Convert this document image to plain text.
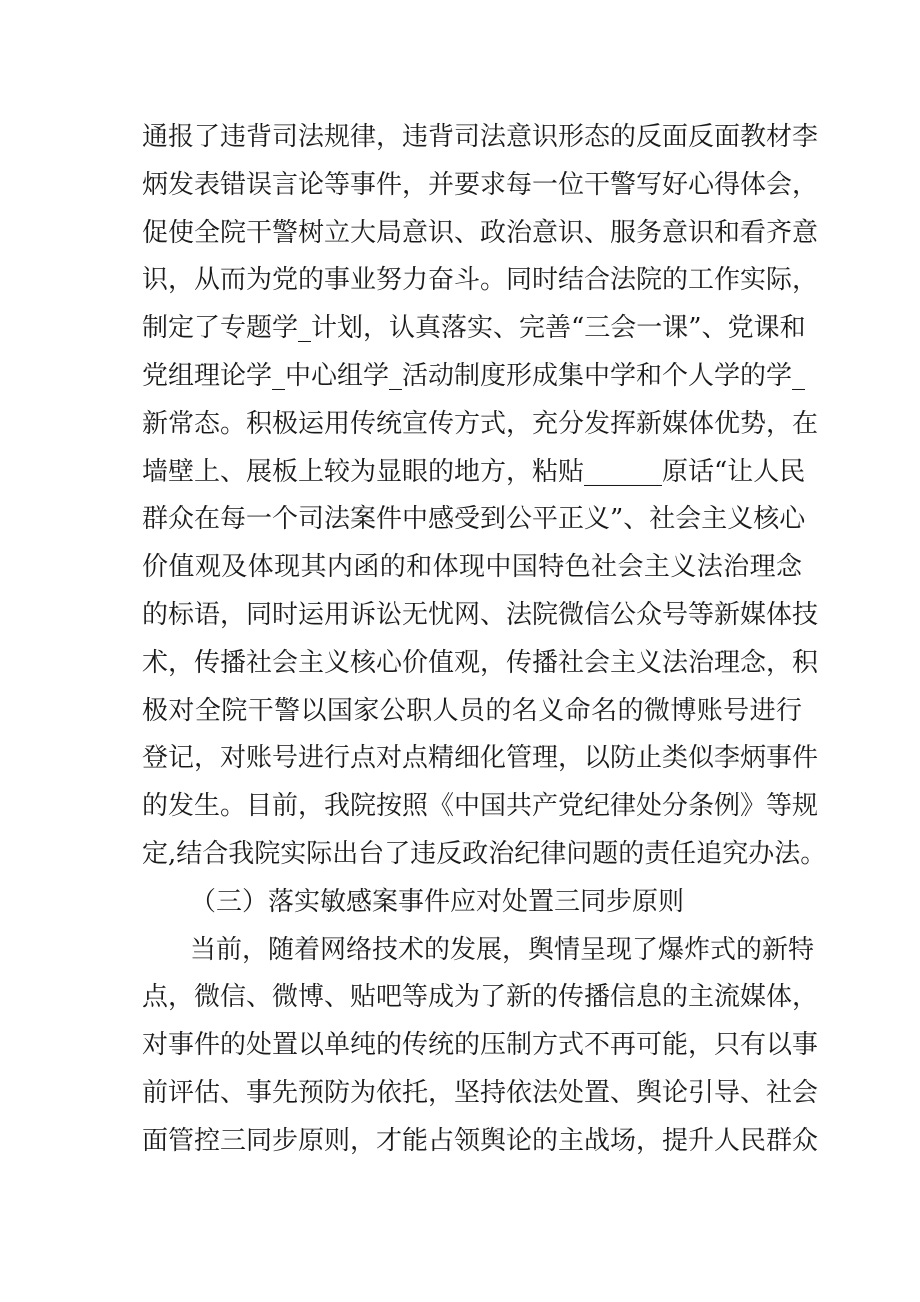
通报了违背司法规律，违背司法意识形态的反面反面教材李
炳发表错误言论等事件，并要求每一位干警写好心得体会，
促使全院干警树立大局意识、政治意识、服务意识和看齐意
识，从而为党的事业努力奋斗。同时结合法院的工作实际，
制定了专题学_计划，认真落实、完善“三会一课”、党课和
党组理论学_中心组学_活动制度形成集中学和个人学的学_
新常态。积极运用传统宣传方式，充分发挥新媒体优势，在
墙壁上、展板上较为显眼的地方，粘贴______原话“让人民
群众在每一个司法案件中感受到公平正义”、社会主义核心
价值观及体现其内函的和体现中国特色社会主义法治理念
的标语，同时运用诉讼无忧网、法院微信公众号等新媒体技
术，传播社会主义核心价值观，传播社会主义法治理念，积
极对全院干警以国家公职人员的名义命名的微博账号进行
登记，对账号进行点对点精细化管理，以防止类似李炳事件
的发生。目前，我院按照《中国共产党纪律处分条例》等规
定,结合我院实际出台了违反政治纪律问题的责任追究办法。
（三）落实敏感案事件应对处置三同步原则
当前，随着网络技术的发展，舆情呈现了爆炸式的新特
点，微信、微博、贴吧等成为了新的传播信息的主流媒体，
对事件的处置以单纯的传统的压制方式不再可能，只有以事
前评估、事先预防为依托，坚持依法处置、舆论引导、社会
面管控三同步原则，才能占领舆论的主战场，提升人民群众
